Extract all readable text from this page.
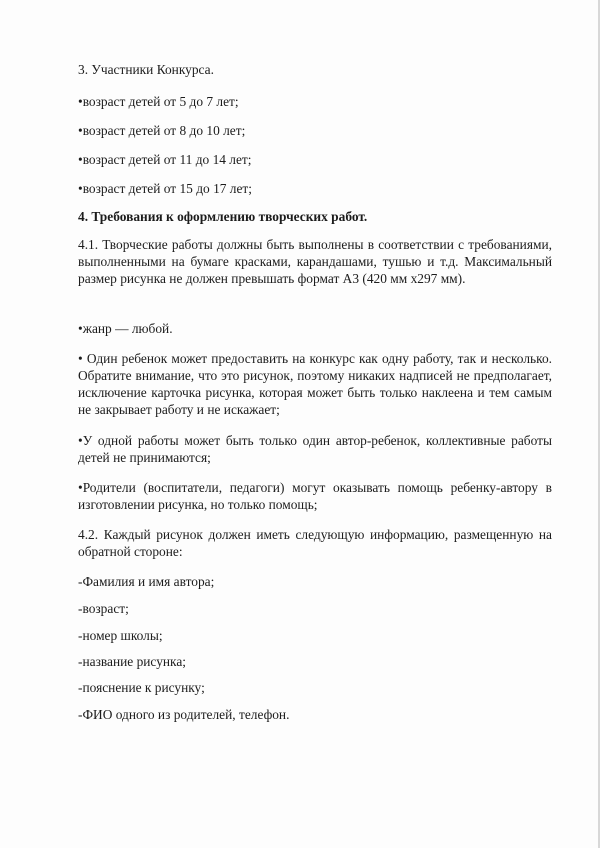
3. Участники Конкурса.
•возраст детей от 5 до 7 лет;
•возраст детей от 8 до 10 лет;
•возраст детей от 11 до 14 лет;
•возраст детей от 15 до 17 лет;
4. Требования к оформлению творческих работ.
4.1. Творческие работы должны быть выполнены в соответствии с требованиями, выполненными на бумаге красками, карандашами, тушью и т.д. Максимальный размер рисунка не должен превышать формат А3 (420 мм х297 мм).
•жанр — любой.
• Один ребенок может предоставить на конкурс как одну работу, так и несколько. Обратите внимание, что это рисунок, поэтому никаких надписей не предполагает, исключение карточка рисунка, которая может быть только наклеена и тем самым не закрывает работу и не искажает;
•У одной работы может быть только один автор-ребенок, коллективные работы детей не принимаются;
•Родители (воспитатели, педагоги) могут оказывать помощь ребенку-автору в изготовлении рисунка, но только помощь;
4.2. Каждый рисунок должен иметь следующую информацию, размещенную на обратной стороне:
-Фамилия и имя автора;
-возраст;
-номер школы;
-название рисунка;
-пояснение к рисунку;
-ФИО одного из родителей, телефон.
